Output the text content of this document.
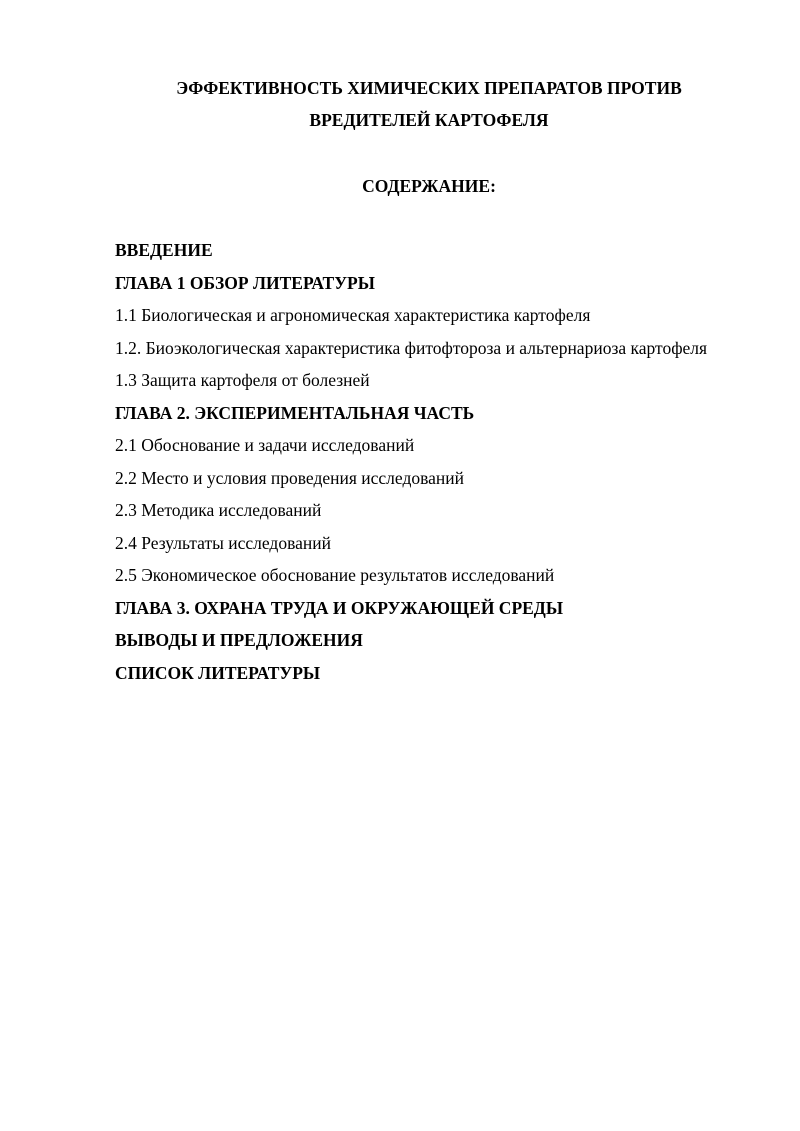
ЭФФЕКТИВНОСТЬ ХИМИЧЕСКИХ ПРЕПАРАТОВ ПРОТИВ ВРЕДИТЕЛЕЙ КАРТОФЕЛЯ
СОДЕРЖАНИЕ:
ВВЕДЕНИЕ
ГЛАВА 1 ОБЗОР ЛИТЕРАТУРЫ
1.1 Биологическая и агрономическая характеристика картофеля
1.2. Биоэкологическая характеристика фитофтороза и альтернариоза картофеля
1.3 Защита картофеля от болезней
ГЛАВА 2. ЭКСПЕРИМЕНТАЛЬНАЯ ЧАСТЬ
2.1 Обоснование и задачи исследований
2.2 Место и условия проведения исследований
2.3 Методика исследований
2.4 Результаты исследований
2.5 Экономическое обоснование результатов исследований
ГЛАВА 3. ОХРАНА ТРУДА И ОКРУЖАЮЩЕЙ СРЕДЫ
ВЫВОДЫ И ПРЕДЛОЖЕНИЯ
СПИСОК ЛИТЕРАТУРЫ
